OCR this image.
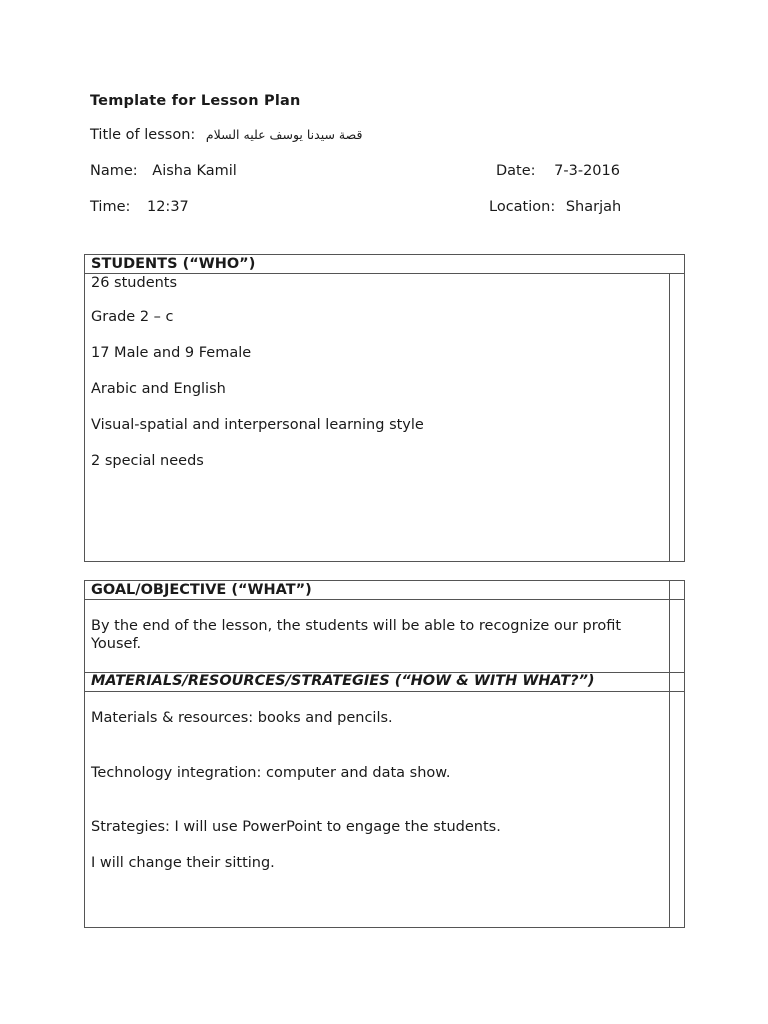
Template for Lesson Plan
Title of lesson: قصة سيدنا يوسف عليه السلام
Name: Aisha Kamil	Date: 7-3-2016
Time: 12:37	Location: Sharjah
STUDENTS (“WHO”)
26 students
Grade 2 – c
17 Male and 9 Female
Arabic and English
Visual-spatial and interpersonal learning style
2 special needs
GOAL/OBJECTIVE (“WHAT”)
By the end of the lesson, the students will be able to recognize our profit
Yousef.
MATERIALS/RESOURCES/STRATEGIES (“HOW & WITH WHAT?”)
Materials & resources: books and pencils.
Technology integration: computer and data show.
Strategies: I will use PowerPoint to engage the students.
I will change their sitting.
